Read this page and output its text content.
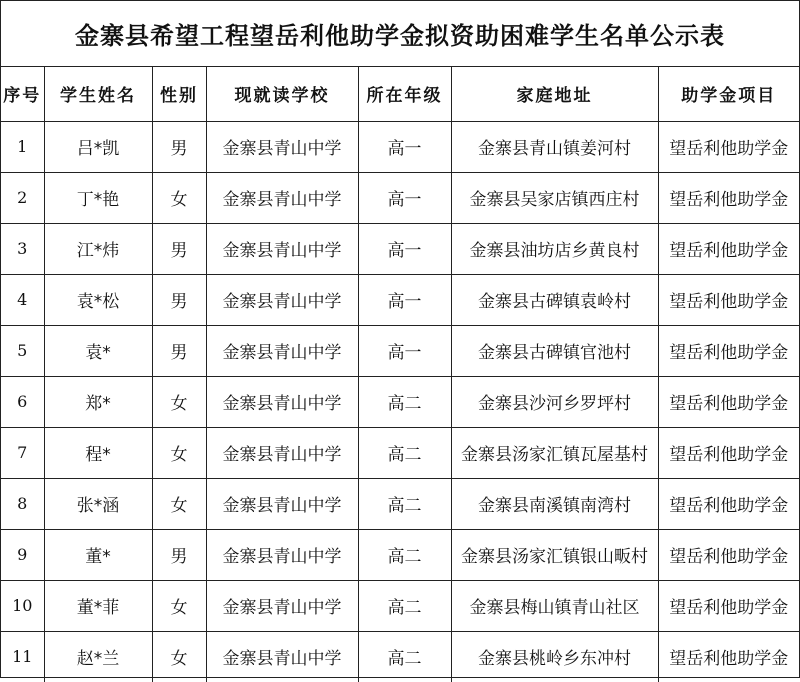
金寨县希望工程望岳利他助学金拟资助困难学生名单公示表
序号	学生姓名	性别	现就读学校	所在年级	家庭地址	助学金项目
1	吕*凯	男	金寨县青山中学	高一	金寨县青山镇姜河村	望岳利他助学金
2	丁*艳	女	金寨县青山中学	高一	金寨县吴家店镇西庄村	望岳利他助学金
3	江*炜	男	金寨县青山中学	高一	金寨县油坊店乡黄良村	望岳利他助学金
4	袁*松	男	金寨县青山中学	高一	金寨县古碑镇袁岭村	望岳利他助学金
5	袁*	男	金寨县青山中学	高一	金寨县古碑镇官池村	望岳利他助学金
6	郑*	女	金寨县青山中学	高二	金寨县沙河乡罗坪村	望岳利他助学金
7	程*	女	金寨县青山中学	高二	金寨县汤家汇镇瓦屋基村	望岳利他助学金
8	张*涵	女	金寨县青山中学	高二	金寨县南溪镇南湾村	望岳利他助学金
9	董*	男	金寨县青山中学	高二	金寨县汤家汇镇银山畈村	望岳利他助学金
10	董*菲	女	金寨县青山中学	高二	金寨县梅山镇青山社区	望岳利他助学金
11	赵*兰	女	金寨县青山中学	高二	金寨县桃岭乡东冲村	望岳利他助学金
